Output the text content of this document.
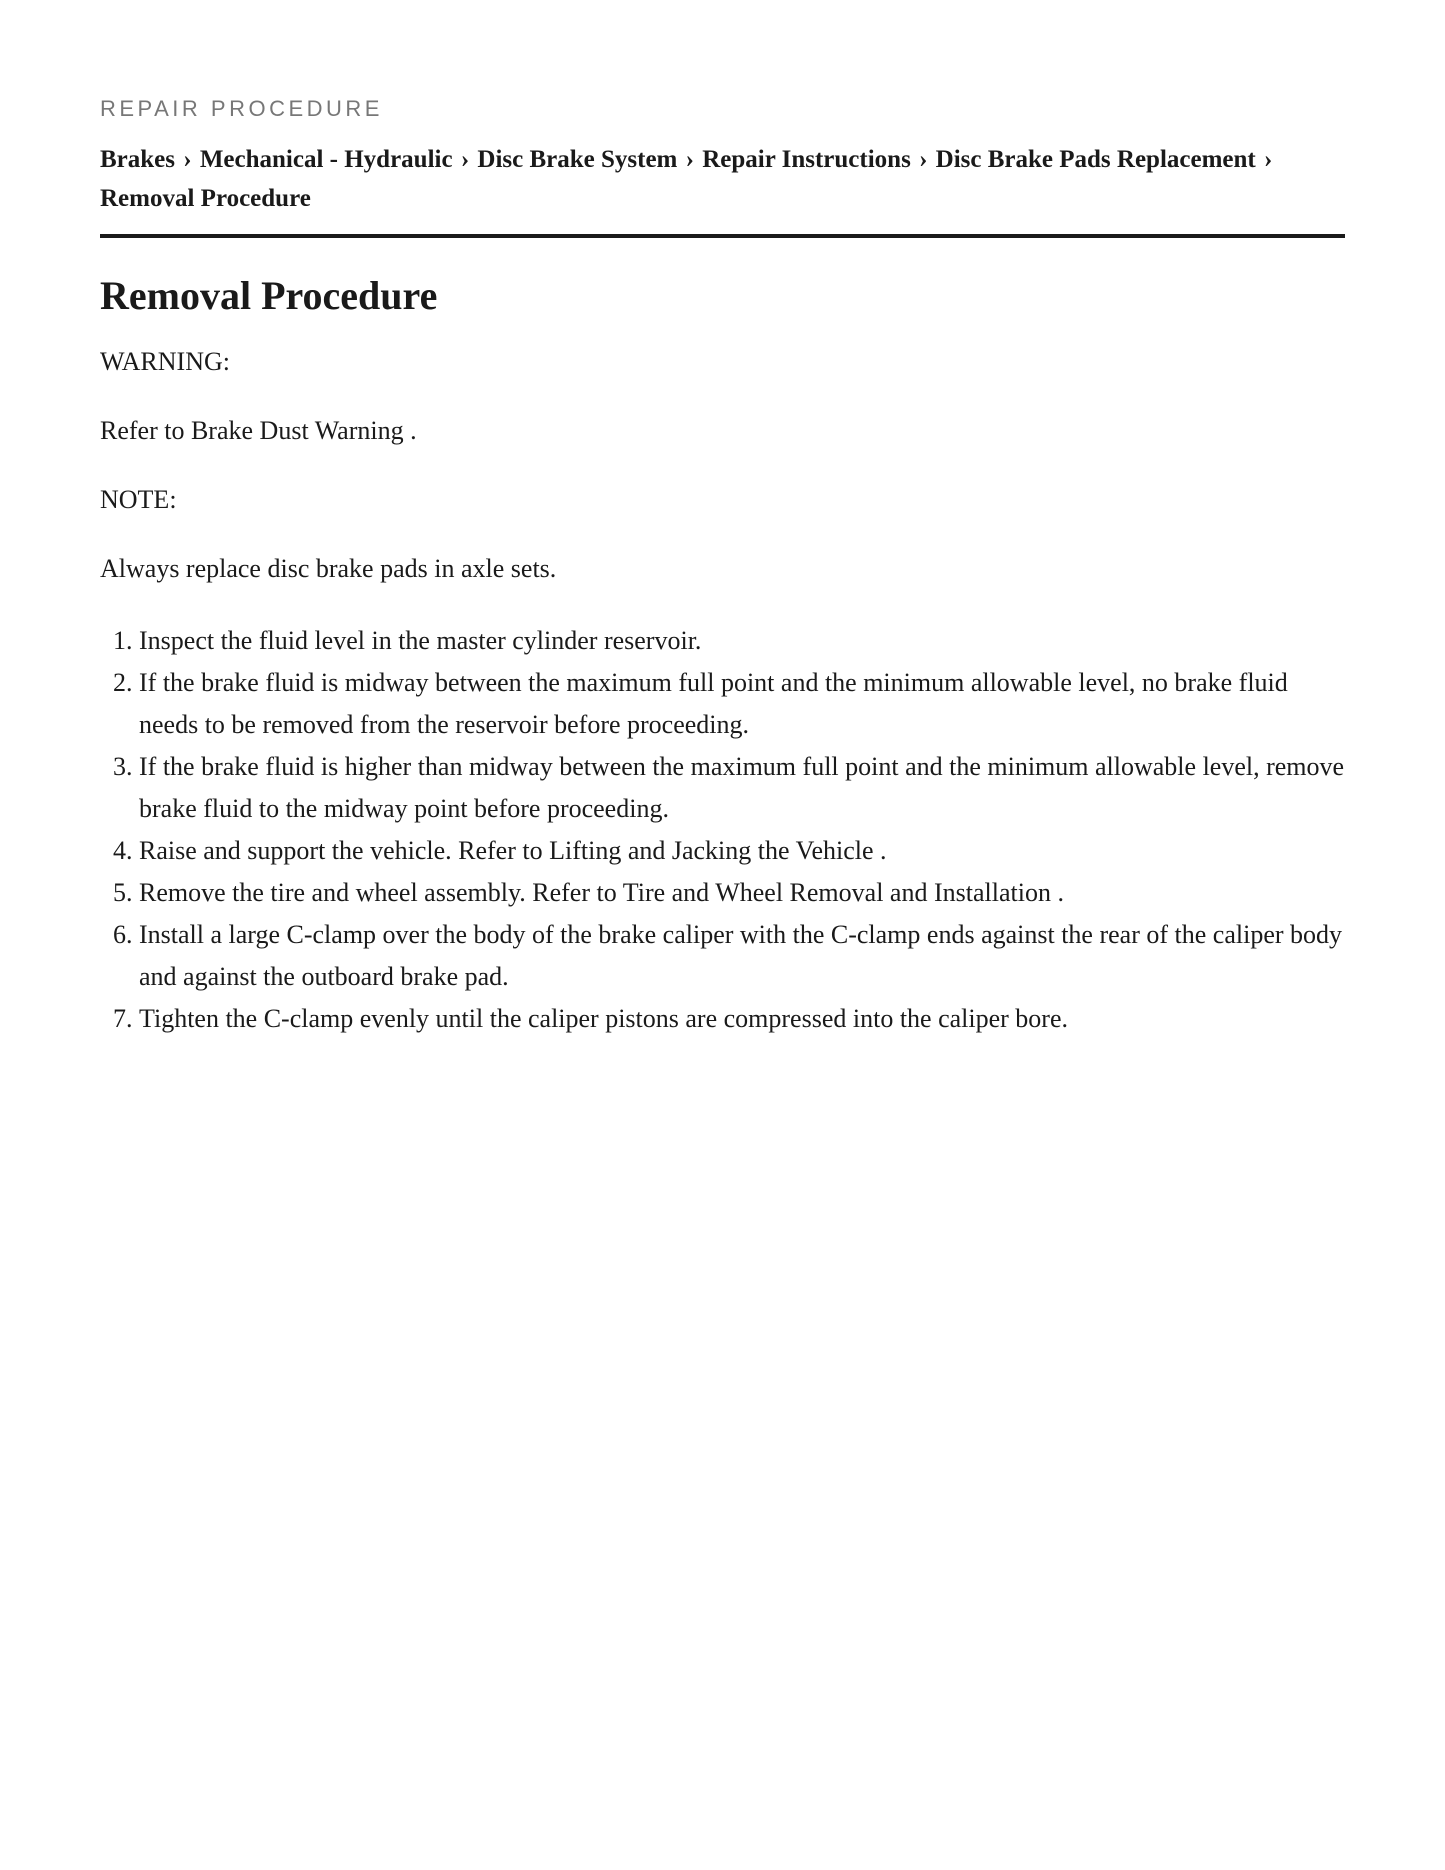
REPAIR PROCEDURE
Brakes › Mechanical - Hydraulic › Disc Brake System › Repair Instructions › Disc Brake Pads Replacement › Removal Procedure
Removal Procedure

WARNING:

Refer to Brake Dust Warning .

NOTE:

Always replace disc brake pads in axle sets.

1. Inspect the fluid level in the master cylinder reservoir.
2. If the brake fluid is midway between the maximum full point and the minimum allowable level, no brake fluid needs to be removed from the reservoir before proceeding.
3. If the brake fluid is higher than midway between the maximum full point and the minimum allowable level, remove brake fluid to the midway point before proceeding.
4. Raise and support the vehicle. Refer to Lifting and Jacking the Vehicle .
5. Remove the tire and wheel assembly. Refer to Tire and Wheel Removal and Installation .
6. Install a large C-clamp over the body of the brake caliper with the C-clamp ends against the rear of the caliper body and against the outboard brake pad.
7. Tighten the C-clamp evenly until the caliper pistons are compressed into the caliper bore.
